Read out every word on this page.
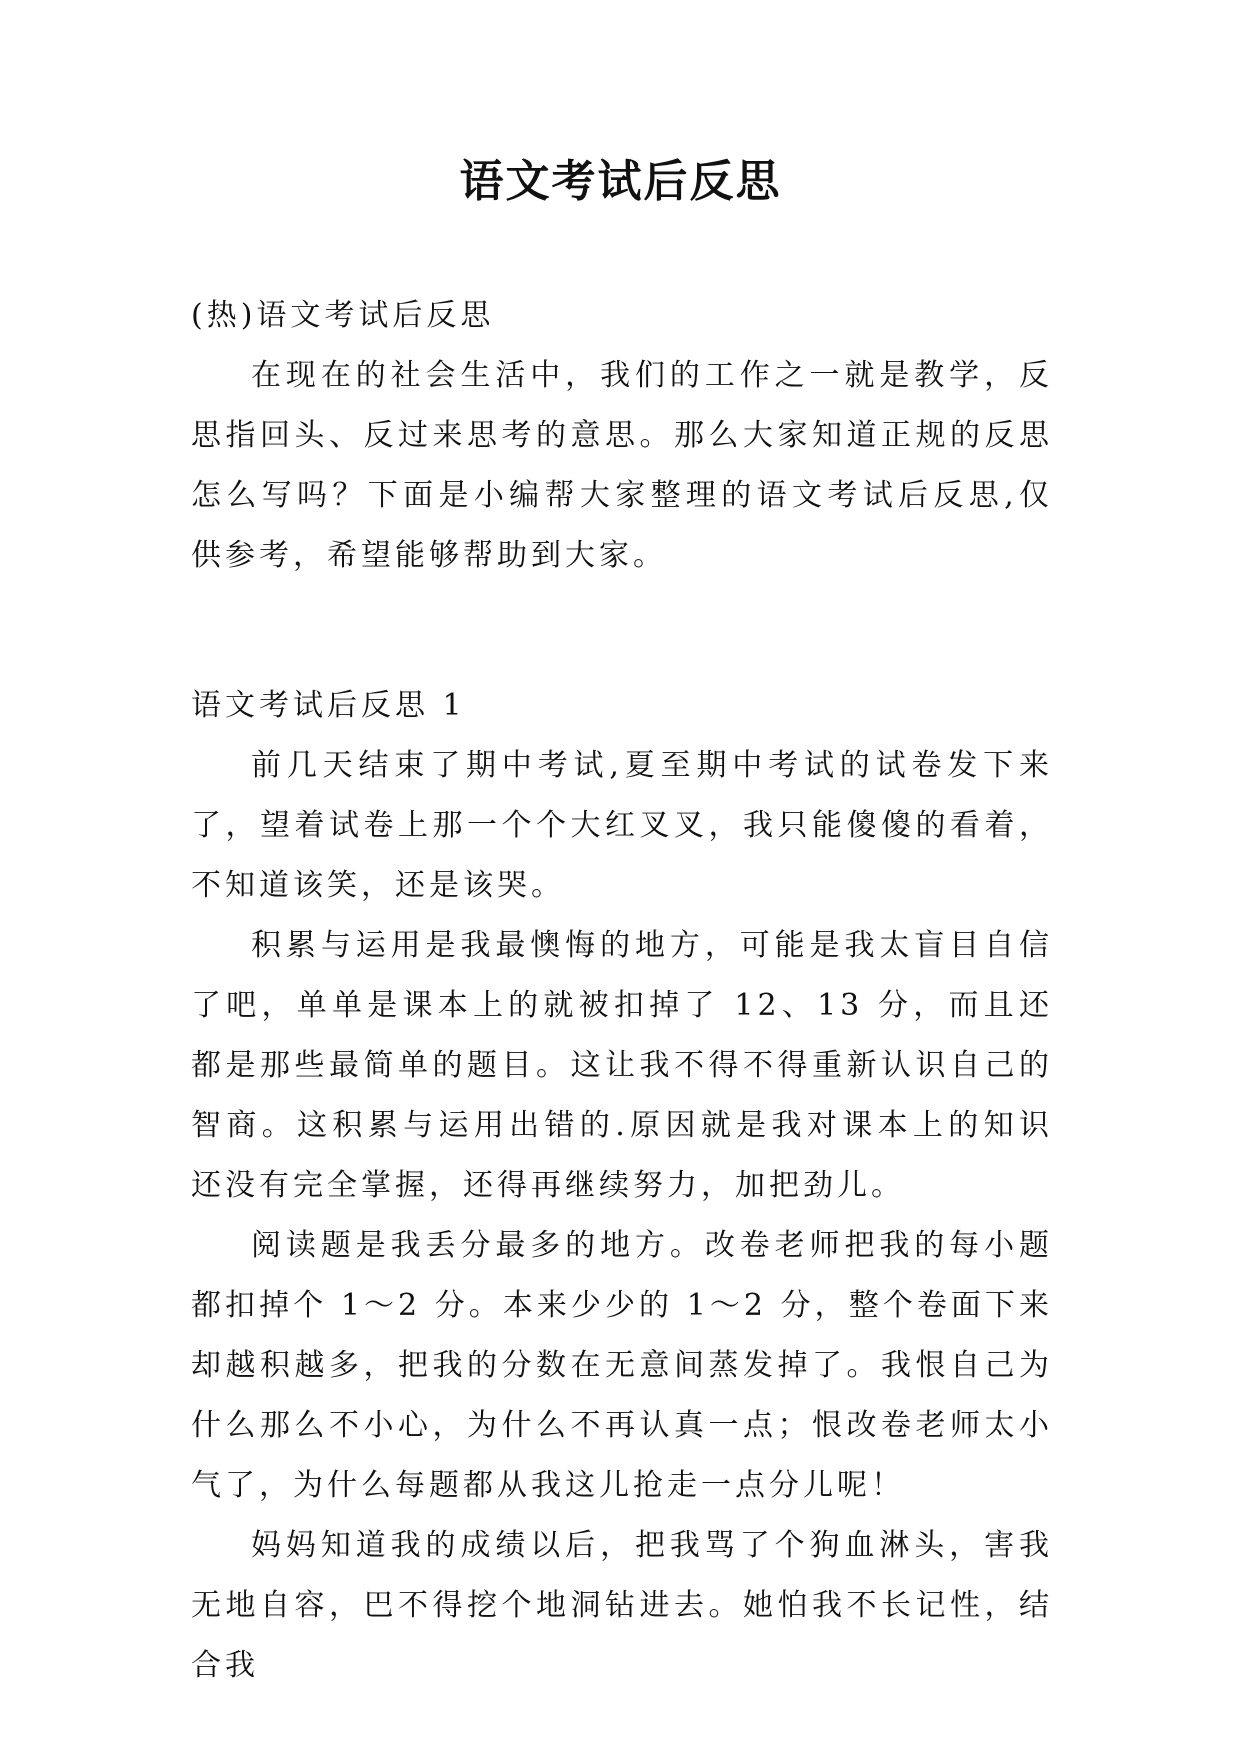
语文考试后反思

(热)语文考试后反思

在现在的社会生活中，我们的工作之一就是教学，反思指回头、反过来思考的意思。那么大家知道正规的反思怎么写吗？下面是小编帮大家整理的语文考试后反思,仅供参考，希望能够帮助到大家。

语文考试后反思 1

前几天结束了期中考试,夏至期中考试的试卷发下来了，望着试卷上那一个个大红叉叉，我只能傻傻的看着，不知道该笑，还是该哭。

积累与运用是我最懊悔的地方，可能是我太盲目自信了吧，单单是课本上的就被扣掉了 12、13 分，而且还都是那些最简单的题目。这让我不得不得重新认识自己的智商。这积累与运用出错的.原因就是我对课本上的知识还没有完全掌握，还得再继续努力，加把劲儿。

阅读题是我丢分最多的地方。改卷老师把我的每小题都扣掉个 1～2 分。本来少少的 1～2 分，整个卷面下来却越积越多，把我的分数在无意间蒸发掉了。我恨自己为什么那么不小心，为什么不再认真一点；恨改卷老师太小气了，为什么每题都从我这儿抢走一点分儿呢！

妈妈知道我的成绩以后，把我骂了个狗血淋头，害我无地自容，巴不得挖个地洞钻进去。她怕我不长记性，结合我
